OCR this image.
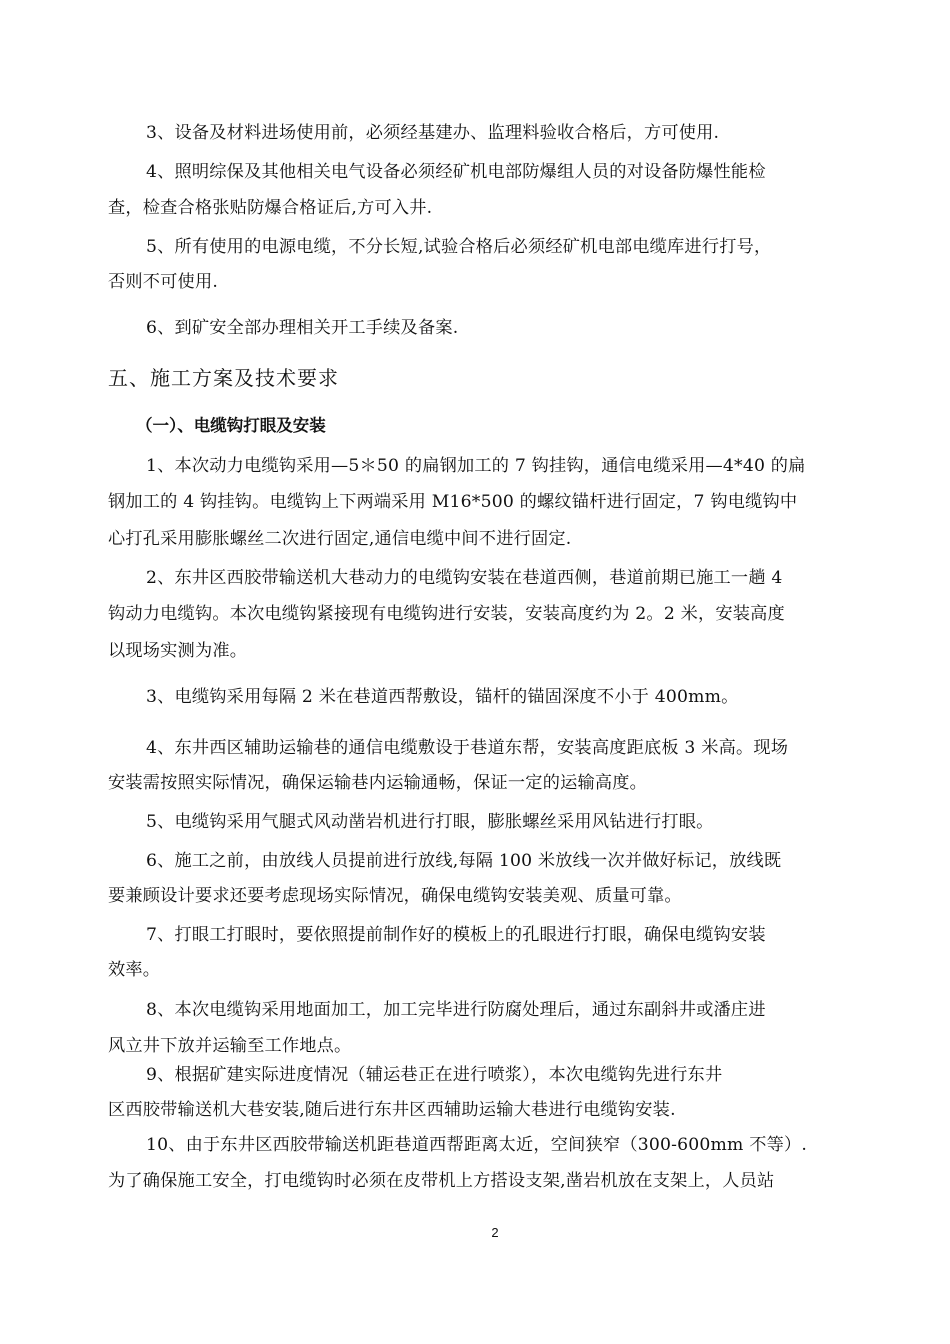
3、设备及材料进场使用前，必须经基建办、监理料验收合格后，方可使用.
4、照明综保及其他相关电气设备必须经矿机电部防爆组人员的对设备防爆性能检
查，检查合格张贴防爆合格证后,方可入井.
5、所有使用的电源电缆，不分长短,试验合格后必须经矿机电部电缆库进行打号，
否则不可使用.
6、到矿安全部办理相关开工手续及备案.
五、施工方案及技术要求
（一）、电缆钩打眼及安装
1、本次动力电缆钩采用—5＊50 的扁钢加工的 7 钩挂钩，通信电缆采用—4*40 的扁
钢加工的 4 钩挂钩。电缆钩上下两端采用 M16*500 的螺纹锚杆进行固定，7 钩电缆钩中
心打孔采用膨胀螺丝二次进行固定,通信电缆中间不进行固定.
2、东井区西胶带输送机大巷动力的电缆钩安装在巷道西侧，巷道前期已施工一趟 4
钩动力电缆钩。本次电缆钩紧接现有电缆钩进行安装，安装高度约为 2。2 米，安装高度
以现场实测为准。
3、电缆钩采用每隔 2 米在巷道西帮敷设，锚杆的锚固深度不小于 400mm。
4、东井西区辅助运输巷的通信电缆敷设于巷道东帮，安装高度距底板 3 米高。现场
安装需按照实际情况，确保运输巷内运输通畅，保证一定的运输高度。
5、电缆钩采用气腿式风动凿岩机进行打眼，膨胀螺丝采用风钻进行打眼。
6、施工之前，由放线人员提前进行放线,每隔 100 米放线一次并做好标记，放线既
要兼顾设计要求还要考虑现场实际情况，确保电缆钩安装美观、质量可靠。
7、打眼工打眼时，要依照提前制作好的模板上的孔眼进行打眼，确保电缆钩安装
效率。
8、本次电缆钩采用地面加工，加工完毕进行防腐处理后，通过东副斜井或潘庄进
风立井下放并运输至工作地点。
9、根据矿建实际进度情况（辅运巷正在进行喷浆），本次电缆钩先进行东井
区西胶带输送机大巷安装,随后进行东井区西辅助运输大巷进行电缆钩安装.
10、由于东井区西胶带输送机距巷道西帮距离太近，空间狭窄（300-600mm 不等）.
为了确保施工安全，打电缆钩时必须在皮带机上方搭设支架,凿岩机放在支架上，人员站
2
